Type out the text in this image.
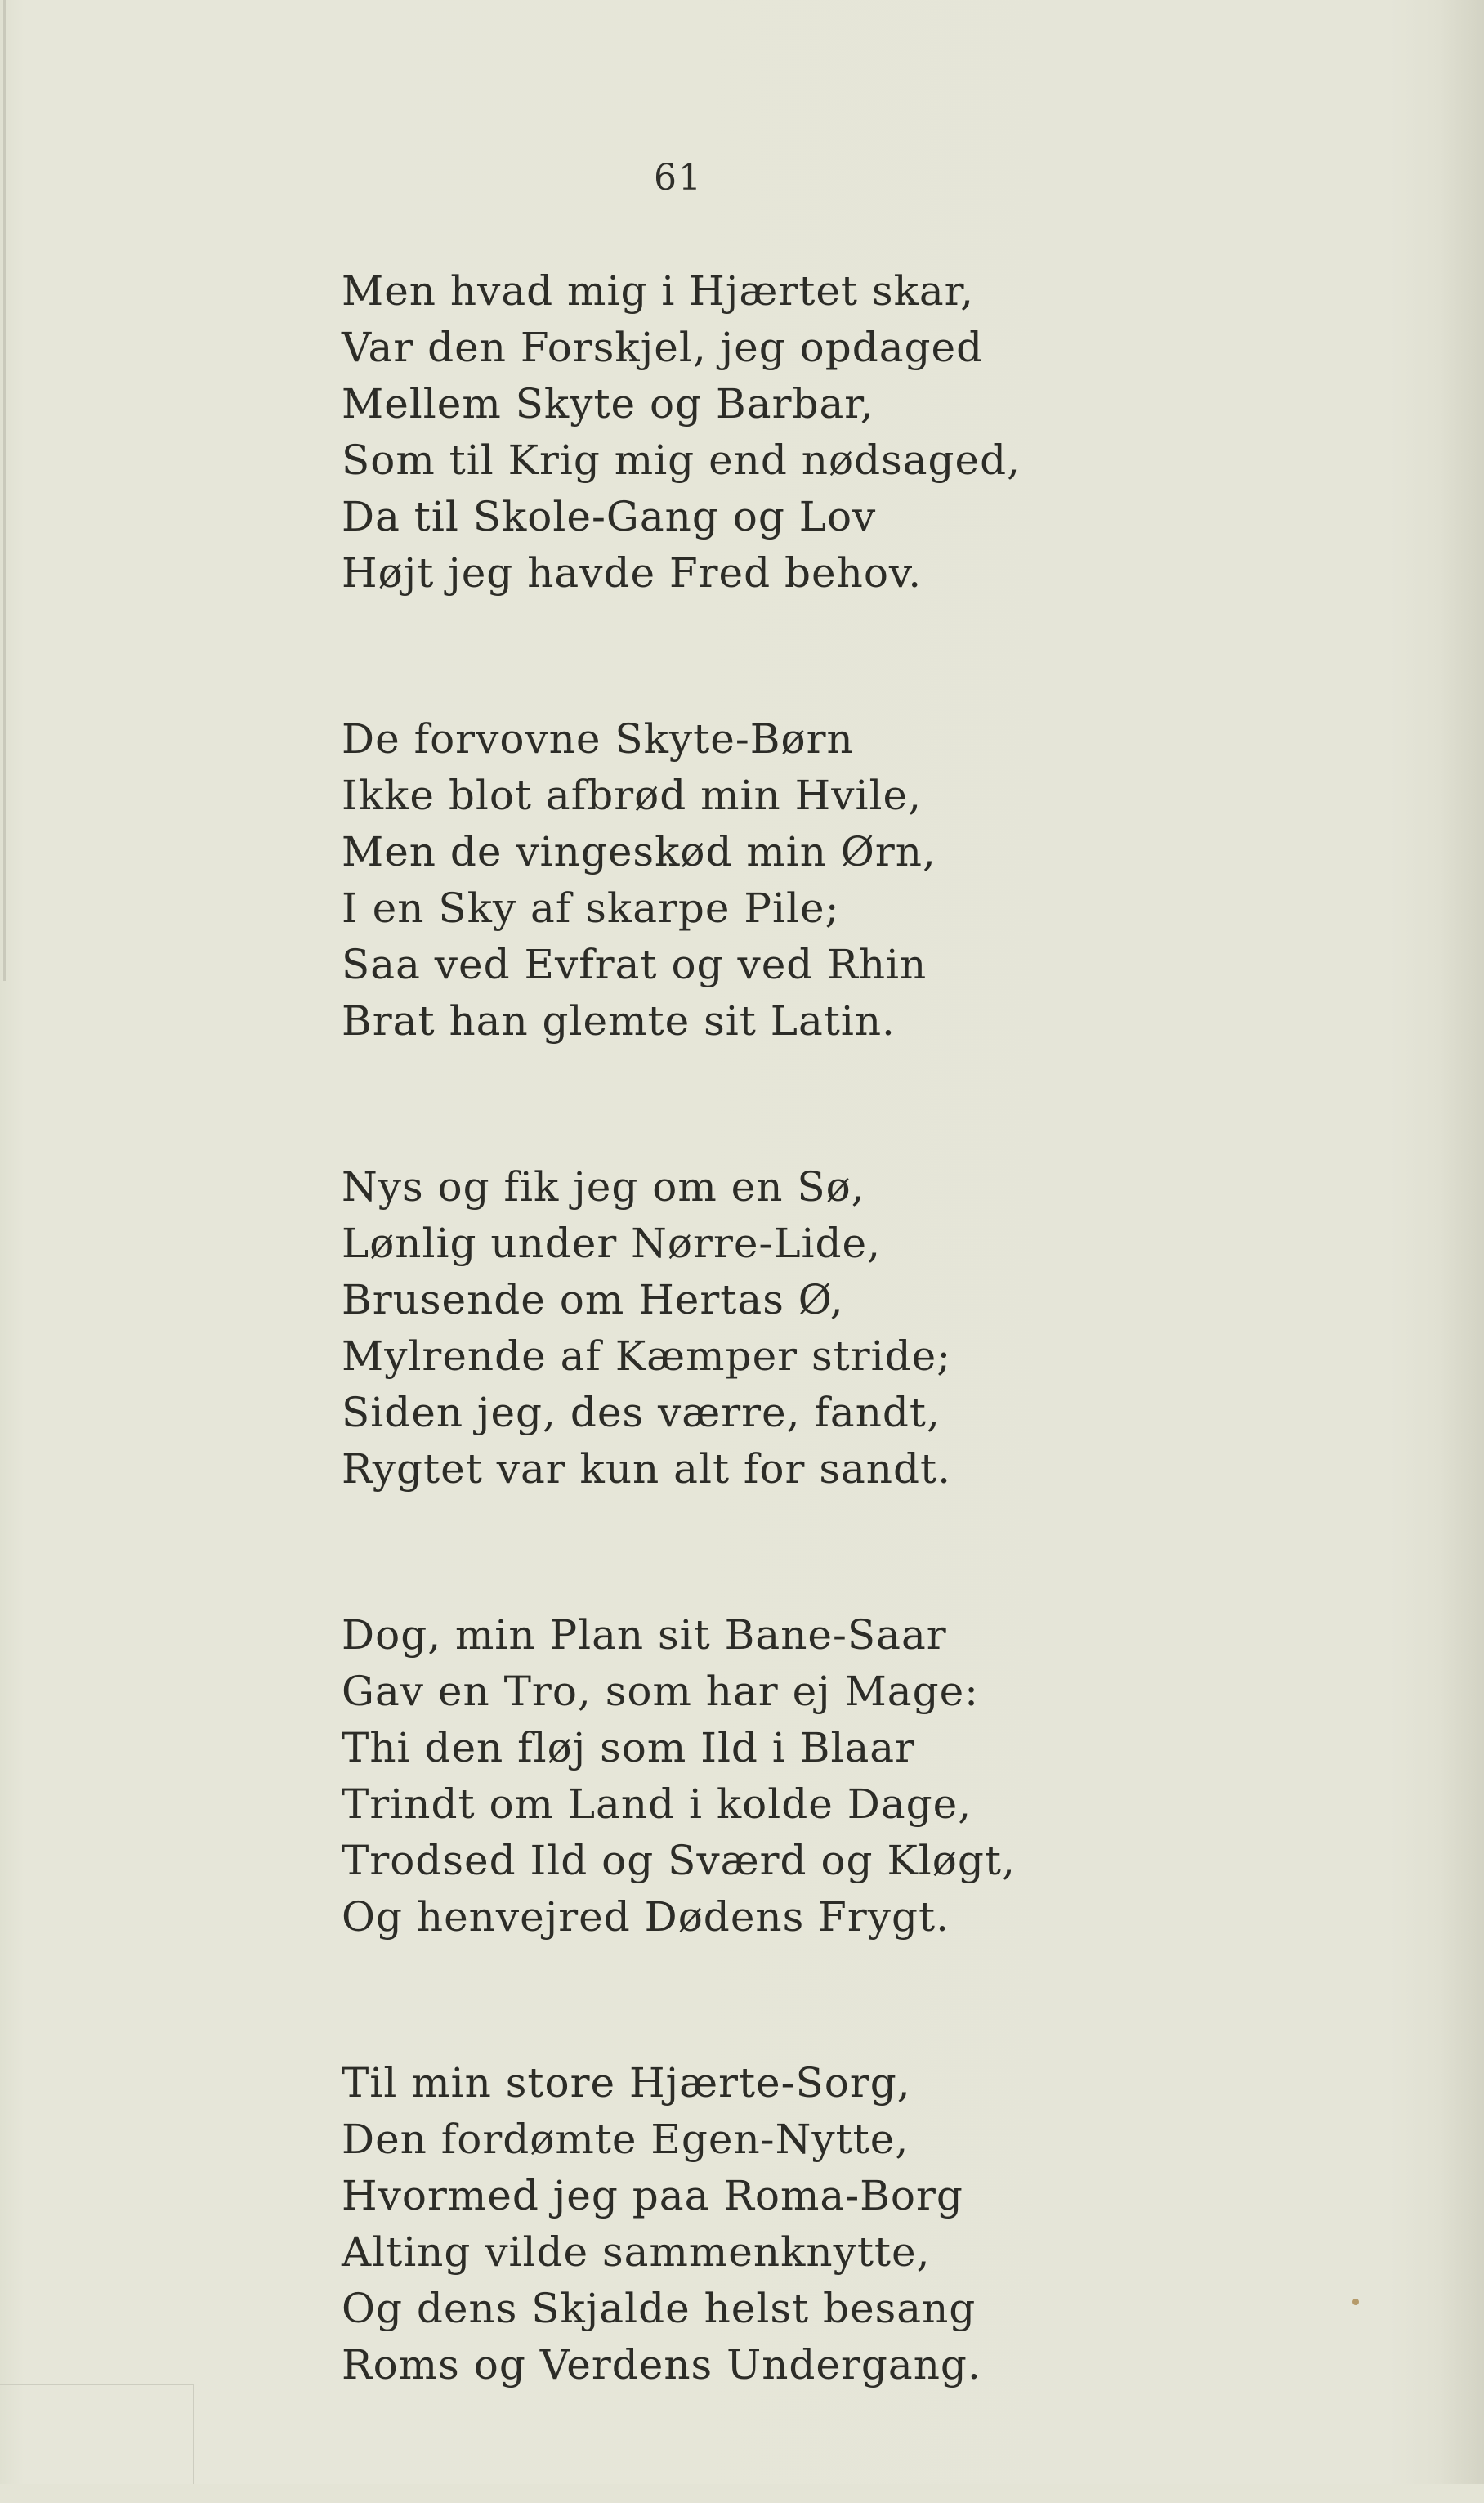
61
Men hvad mig i Hjærtet skar,
Var den Forskjel, jeg opdaged
Mellem Skyte og Barbar,
Som til Krig mig end nødsaged,
Da til Skole-Gang og Lov
Højt jeg havde Fred behov.
De forvovne Skyte-Børn
Ikke blot afbrød min Hvile,
Men de vingeskød min Ørn,
I en Sky af skarpe Pile;
Saa ved Evfrat og ved Rhin
Brat han glemte sit Latin.
Nys og fik jeg om en Sø,
Lønlig under Nørre-Lide,
Brusende om Hertas Ø,
Mylrende af Kæmper stride;
Siden jeg, des værre, fandt,
Rygtet var kun alt for sandt.
Dog, min Plan sit Bane-Saar
Gav en Tro, som har ej Mage:
Thi den fløj som Ild i Blaar
Trindt om Land i kolde Dage,
Trodsed Ild og Sværd og Kløgt,
Og henvejred Dødens Frygt.
Til min store Hjærte-Sorg,
Den fordømte Egen-Nytte,
Hvormed jeg paa Roma-Borg
Alting vilde sammenknytte,
Og dens Skjalde helst besang
Roms og Verdens Undergang.
